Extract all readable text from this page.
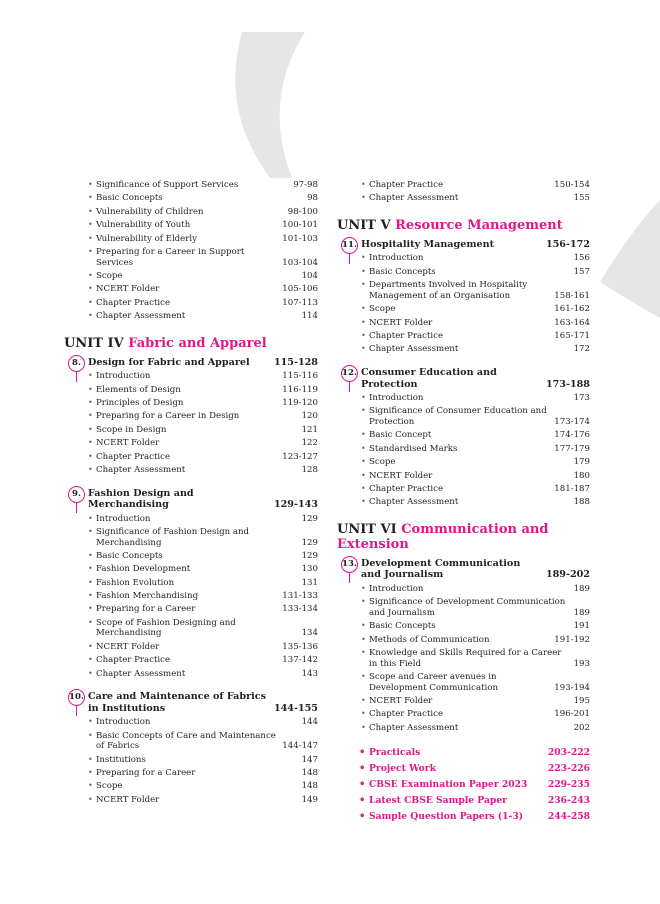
• Significance of Support Services	97-98
• Basic Concepts	98
• Vulnerability of Children	98-100
• Vulnerability of Youth	100-101
• Vulnerability of Elderly	101-103
• Preparing for a Career in Support Services	103-104
• Scope	104
• NCERT Folder	105-106
• Chapter Practice	107-113
• Chapter Assessment	114
UNIT IV Fabric and Apparel
8. Design for Fabric and Apparel	115-128
• Introduction	115-116
• Elements of Design	116-119
• Principles of Design	119-120
• Preparing for a Career in Design	120
• Scope in Design	121
• NCERT Folder	122
• Chapter Practice	123-127
• Chapter Assessment	128
9. Fashion Design and Merchandising	129-143
• Introduction	129
• Significance of Fashion Design and Merchandising	129
• Basic Concepts	129
• Fashion Development	130
• Fashion Evolution	131
• Fashion Merchandising	131-133
• Preparing for a Career	133-134
• Scope of Fashion Designing and Merchandising	134
• NCERT Folder	135-136
• Chapter Practice	137-142
• Chapter Assessment	143
10. Care and Maintenance of Fabrics in Institutions	144-155
• Introduction	144
• Basic Concepts of Care and Maintenance of Fabrics	144-147
• Institutions	147
• Preparing for a Career	148
• Scope	148
• NCERT Folder	149
• Chapter Practice	150-154
• Chapter Assessment	155
UNIT V Resource Management
11. Hospitality Management	156-172
• Introduction	156
• Basic Concepts	157
• Departments Involved in Hospitality Management of an Organisation	158-161
• Scope	161-162
• NCERT Folder	163-164
• Chapter Practice	165-171
• Chapter Assessment	172
12. Consumer Education and Protection	173-188
• Introduction	173
• Significance of Consumer Education and Protection	173-174
• Basic Concept	174-176
• Standardised Marks	177-179
• Scope	179
• NCERT Folder	180
• Chapter Practice	181-187
• Chapter Assessment	188
UNIT VI Communication and Extension
13. Development Communication and Journalism	189-202
• Introduction	189
• Significance of Development Communication and Journalism	189
• Basic Concepts	191
• Methods of Communication	191-192
• Knowledge and Skills Required for a Career in this Field	193
• Scope and Career avenues in Development Communication	193-194
• NCERT Folder	195
• Chapter Practice	196-201
• Chapter Assessment	202
• Practicals	203-222
• Project Work	223-226
• CBSE Examination Paper 2023	229-235
• Latest CBSE Sample Paper	236-243
• Sample Question Papers (1-3)	244-258
